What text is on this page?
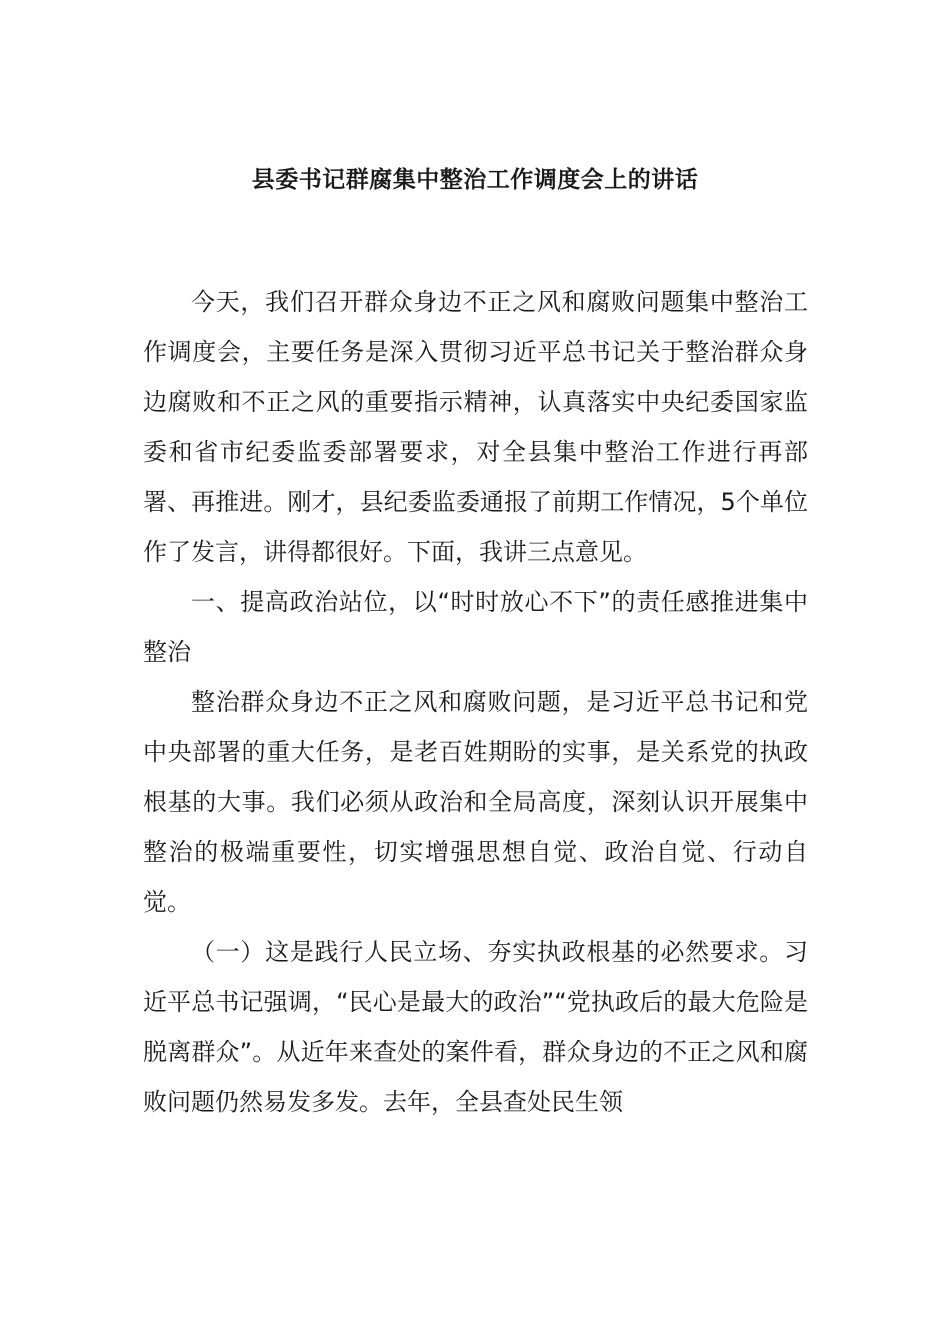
县委书记群腐集中整治工作调度会上的讲话

今天，我们召开群众身边不正之风和腐败问题集中整治工作调度会，主要任务是深入贯彻习近平总书记关于整治群众身边腐败和不正之风的重要指示精神，认真落实中央纪委国家监委和省市纪委监委部署要求，对全县集中整治工作进行再部署、再推进。刚才，县纪委监委通报了前期工作情况，5个单位作了发言，讲得都很好。下面，我讲三点意见。

一、提高政治站位，以“时时放心不下”的责任感推进集中整治

整治群众身边不正之风和腐败问题，是习近平总书记和党中央部署的重大任务，是老百姓期盼的实事，是关系党的执政根基的大事。我们必须从政治和全局高度，深刻认识开展集中整治的极端重要性，切实增强思想自觉、政治自觉、行动自觉。

（一）这是践行人民立场、夯实执政根基的必然要求。习近平总书记强调，“民心是最大的政治”“党执政后的最大危险是脱离群众”。从近年来查处的案件看，群众身边的不正之风和腐败问题仍然易发多发。去年，全县查处民生领
